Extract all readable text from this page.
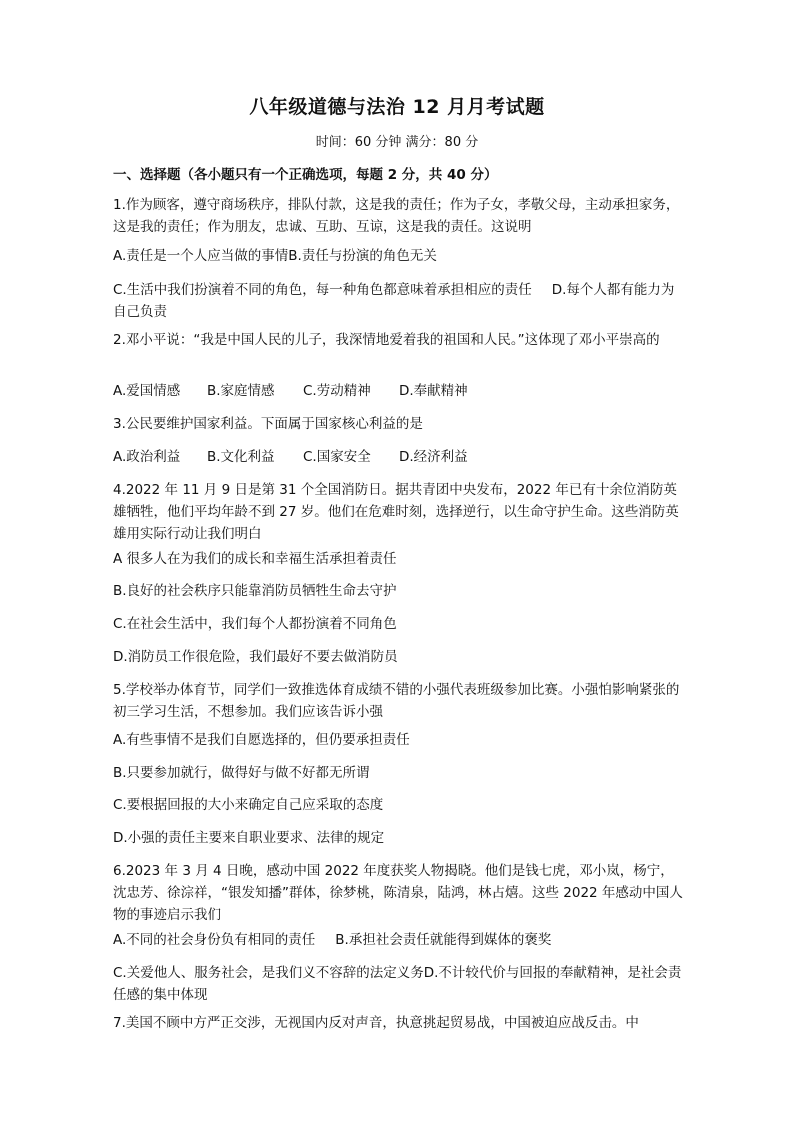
八年级道德与法治 12 月月考试题
时间：60 分钟 满分：80 分
一、选择题（各小题只有一个正确选项，每题 2 分，共 40 分）
1.作为顾客，遵守商场秩序，排队付款，这是我的责任；作为子女，孝敬父母，主动承担家务，这是我的责任；作为朋友，忠诚、互助、互谅，这是我的责任。这说明
A.责任是一个人应当做的事情B.责任与扮演的角色无关
C.生活中我们扮演着不同的角色，每一种角色都意味着承担相应的责任 D.每个人都有能力为自己负责
2.邓小平说：“我是中国人民的儿子，我深情地爱着我的祖国和人民。”这体现了邓小平崇高的
A.爱国情感 B.家庭情感 C.劳动精神 D.奉献精神
3.公民要维护国家利益。下面属于国家核心利益的是
A.政治利益 B.文化利益 C.国家安全 D.经济利益
4.2022 年 11 月 9 日是第 31 个全国消防日。据共青团中央发布，2022 年已有十余位消防英雄牺牲，他们平均年龄不到 27 岁。他们在危难时刻，选择逆行，以生命守护生命。这些消防英雄用实际行动让我们明白
A 很多人在为我们的成长和幸福生活承担着责任
B.良好的社会秩序只能靠消防员牺牲生命去守护
C.在社会生活中，我们每个人都扮演着不同角色
D.消防员工作很危险，我们最好不要去做消防员
5.学校举办体育节，同学们一致推选体育成绩不错的小强代表班级参加比赛。小强怕影响紧张的初三学习生活，不想参加。我们应该告诉小强
A.有些事情不是我们自愿选择的，但仍要承担责任
B.只要参加就行，做得好与做不好都无所谓
C.要根据回报的大小来确定自己应采取的态度
D.小强的责任主要来自职业要求、法律的规定
6.2023 年 3 月 4 日晚，感动中国 2022 年度获奖人物揭晓。他们是钱七虎，邓小岚，杨宁，沈忠芳、徐淙祥，“银发知播”群体，徐梦桃，陈清泉，陆鸿，林占熺。这些 2022 年感动中国人物的事迹启示我们
A.不同的社会身份负有相同的责任 B.承担社会责任就能得到媒体的褒奖
C.关爱他人、服务社会，是我们义不容辞的法定义务D.不计较代价与回报的奉献精神，是社会责任感的集中体现
7.美国不顾中方严正交涉，无视国内反对声音，执意挑起贸易战，中国被迫应战反击。中
